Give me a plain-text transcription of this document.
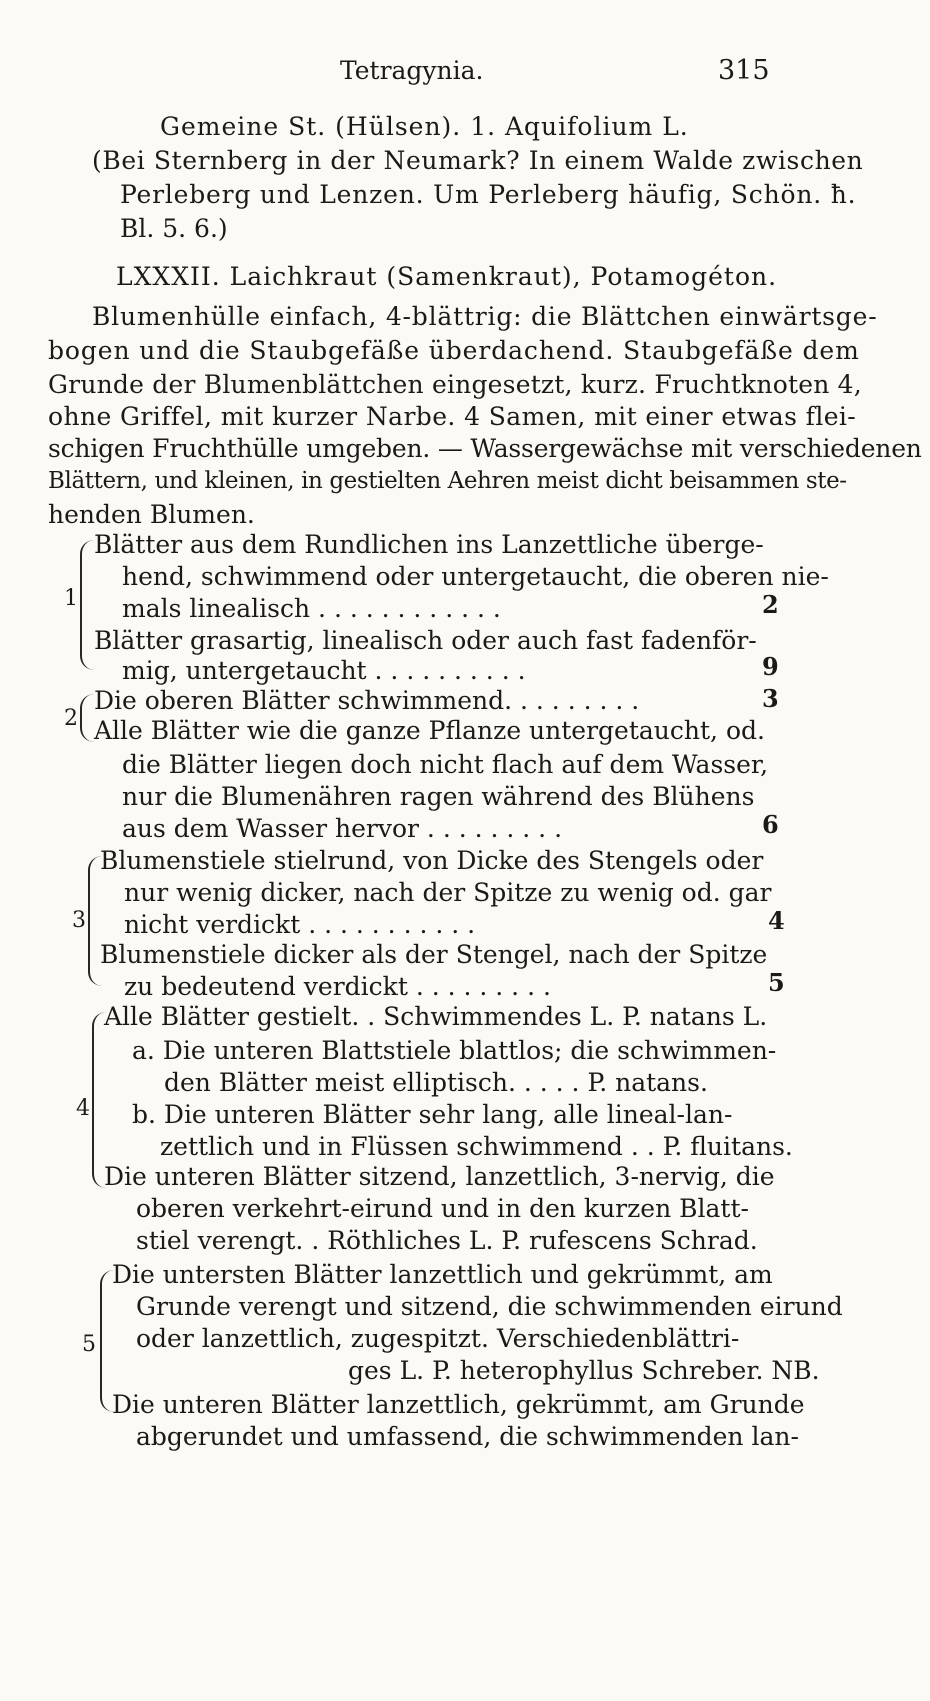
Tetragynia.	315
Gemeine St. (Hülsen). 1. Aquifolium L.
(Bei Sternberg in der Neumark? In einem Walde zwischen
Perleberg und Lenzen. Um Perleberg häufig, Schön. ħ.
Bl. 5. 6.)
LXXXII. Laichkraut (Samenkraut), Potamogéton.
Blumenhülle einfach, 4-blättrig: die Blättchen einwärtsge-
bogen und die Staubgefäße überdachend. Staubgefäße dem
Grunde der Blumenblättchen eingesetzt, kurz. Fruchtknoten 4,
ohne Griffel, mit kurzer Narbe. 4 Samen, mit einer etwas flei-
schigen Fruchthülle umgeben. — Wassergewächse mit verschiedenen
Blättern, und kleinen, in gestielten Aehren meist dicht beisammen ste-
henden Blumen.
1
Blätter aus dem Rundlichen ins Lanzettliche überge-
hend, schwimmend oder untergetaucht, die oberen nie-
mals linealisch . . . . . . . . . . . .	2
Blätter grasartig, linealisch oder auch fast fadenför-
mig, untergetaucht . . . . . . . . . .	9
2
Die oberen Blätter schwimmend. . . . . . . . .	3
Alle Blätter wie die ganze Pflanze untergetaucht, od.
die Blätter liegen doch nicht flach auf dem Wasser,
nur die Blumenähren ragen während des Blühens
aus dem Wasser hervor . . . . . . . . .	6
3
Blumenstiele stielrund, von Dicke des Stengels oder
nur wenig dicker, nach der Spitze zu wenig od. gar
nicht verdickt . . . . . . . . . . .	4
Blumenstiele dicker als der Stengel, nach der Spitze
zu bedeutend verdickt . . . . . . . . .	5
4
Alle Blätter gestielt. . Schwimmendes L. P. natans L.
a. Die unteren Blattstiele blattlos; die schwimmen-
den Blätter meist elliptisch. . . . . P. natans.
b. Die unteren Blätter sehr lang, alle lineal-lan-
zettlich und in Flüssen schwimmend . . P. fluitans.
Die unteren Blätter sitzend, lanzettlich, 3-nervig, die
oberen verkehrt-eirund und in den kurzen Blatt-
stiel verengt. . Röthliches L. P. rufescens Schrad.
5
Die untersten Blätter lanzettlich und gekrümmt, am
Grunde verengt und sitzend, die schwimmenden eirund
oder lanzettlich, zugespitzt. Verschiedenblättri-
ges L. P. heterophyllus Schreber. NB.
Die unteren Blätter lanzettlich, gekrümmt, am Grunde
abgerundet und umfassend, die schwimmenden lan-
